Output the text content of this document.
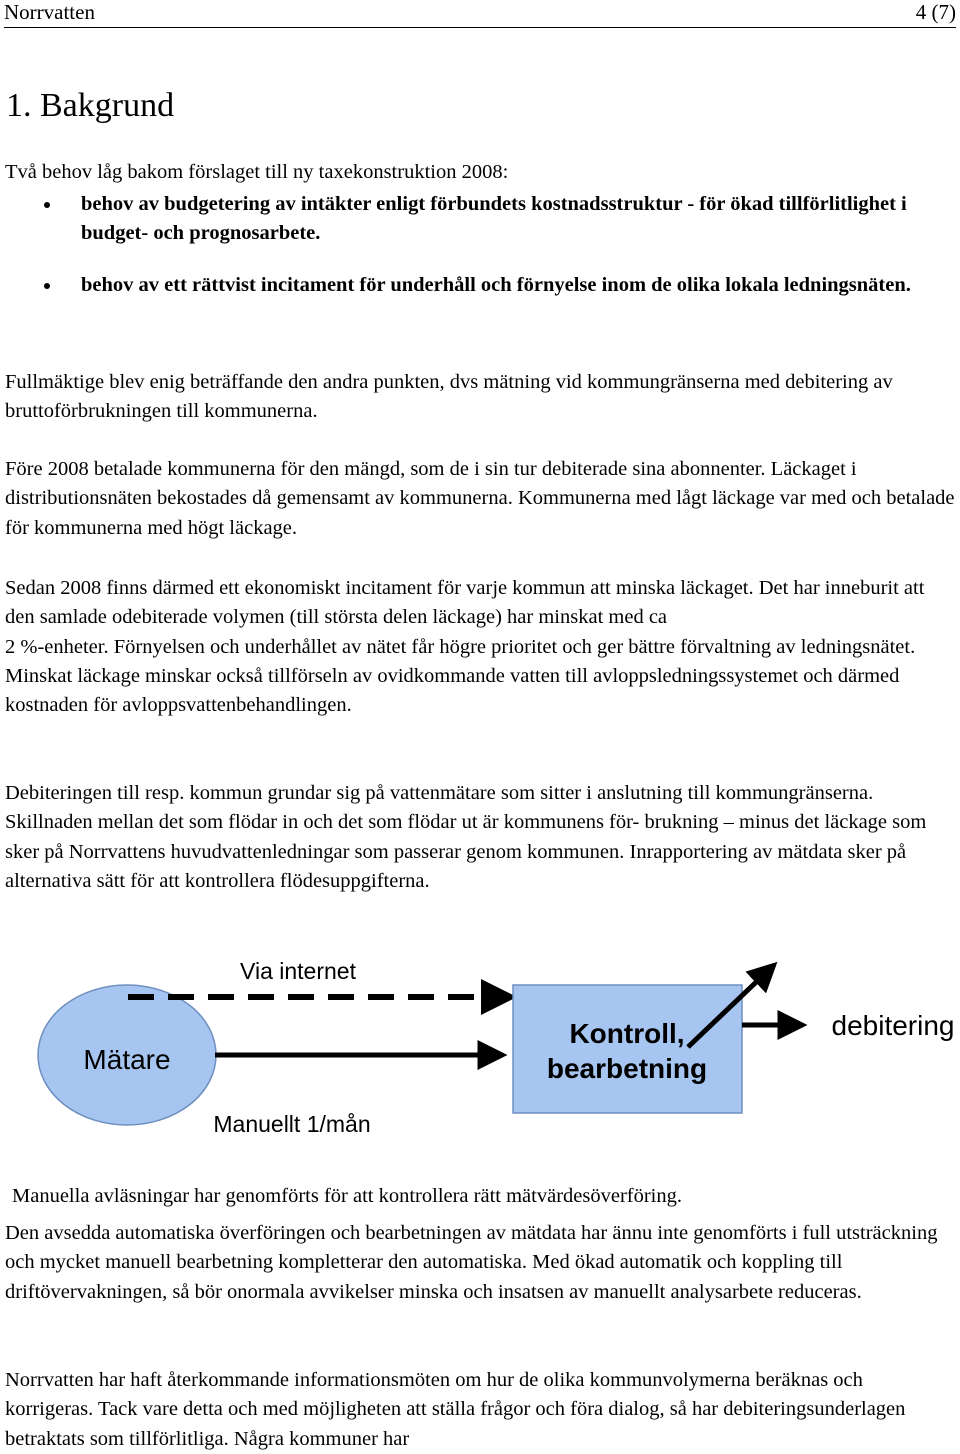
Norrvatten	4 (7)
1. Bakgrund

Två behov låg bakom förslaget till ny taxekonstruktion 2008:

behov av budgetering av intäkter enligt förbundets kostnadsstruktur - för ökad tillförlitlighet i budget- och prognosarbete.
behov av ett rättvist incitament för underhåll och förnyelse inom de olika lokala ledningsnäten.

Fullmäktige blev enig beträffande den andra punkten, dvs mätning vid kommungränserna med debitering av bruttoförbrukningen till kommunerna.

Före 2008 betalade kommunerna för den mängd, som de i sin tur debiterade sina abonnenter. Läckaget i distributionsnäten bekostades då gemensamt av kommunerna. Kommunerna med lågt läckage var med och betalade för kommunerna med högt läckage.

Sedan 2008 finns därmed ett ekonomiskt incitament för varje kommun att minska läckaget. Det har inneburit att den samlade odebiterade volymen (till största delen läckage) har minskat med ca
2 %-enheter. Förnyelsen och underhållet av nätet får högre prioritet och ger bättre förvaltning av ledningsnätet. Minskat läckage minskar också tillförseln av ovidkommande vatten till avloppsledningssystemet och därmed kostnaden för avloppsvattenbehandlingen.

Debiteringen till resp. kommun grundar sig på vattenmätare som sitter i anslutning till kommungränserna. Skillnaden mellan det som flödar in och det som flödar ut är kommunens för- brukning – minus det läckage som sker på Norrvattens huvudvattenledningar som passerar genom kommunen. Inrapportering av mätdata sker på alternativa sätt för att kontrollera flödesuppgifterna.

Mätare
Via internet
Manuellt 1/mån
Kontroll,
bearbetning
debitering

Manuella avläsningar har genomförts för att kontrollera rätt mätvärdesöverföring.

Den avsedda automatiska överföringen och bearbetningen av mätdata har ännu inte genomförts i full utsträckning och mycket manuell bearbetning kompletterar den automatiska. Med ökad automatik och koppling till driftövervakningen, så bör onormala avvikelser minska och insatsen av manuellt analysarbete reduceras.

Norrvatten har haft återkommande informationsmöten om hur de olika kommunvolymerna beräknas och korrigeras. Tack vare detta och med möjligheten att ställa frågor och föra dialog, så har debiteringsunderlagen betraktats som tillförlitliga. Några kommuner har
